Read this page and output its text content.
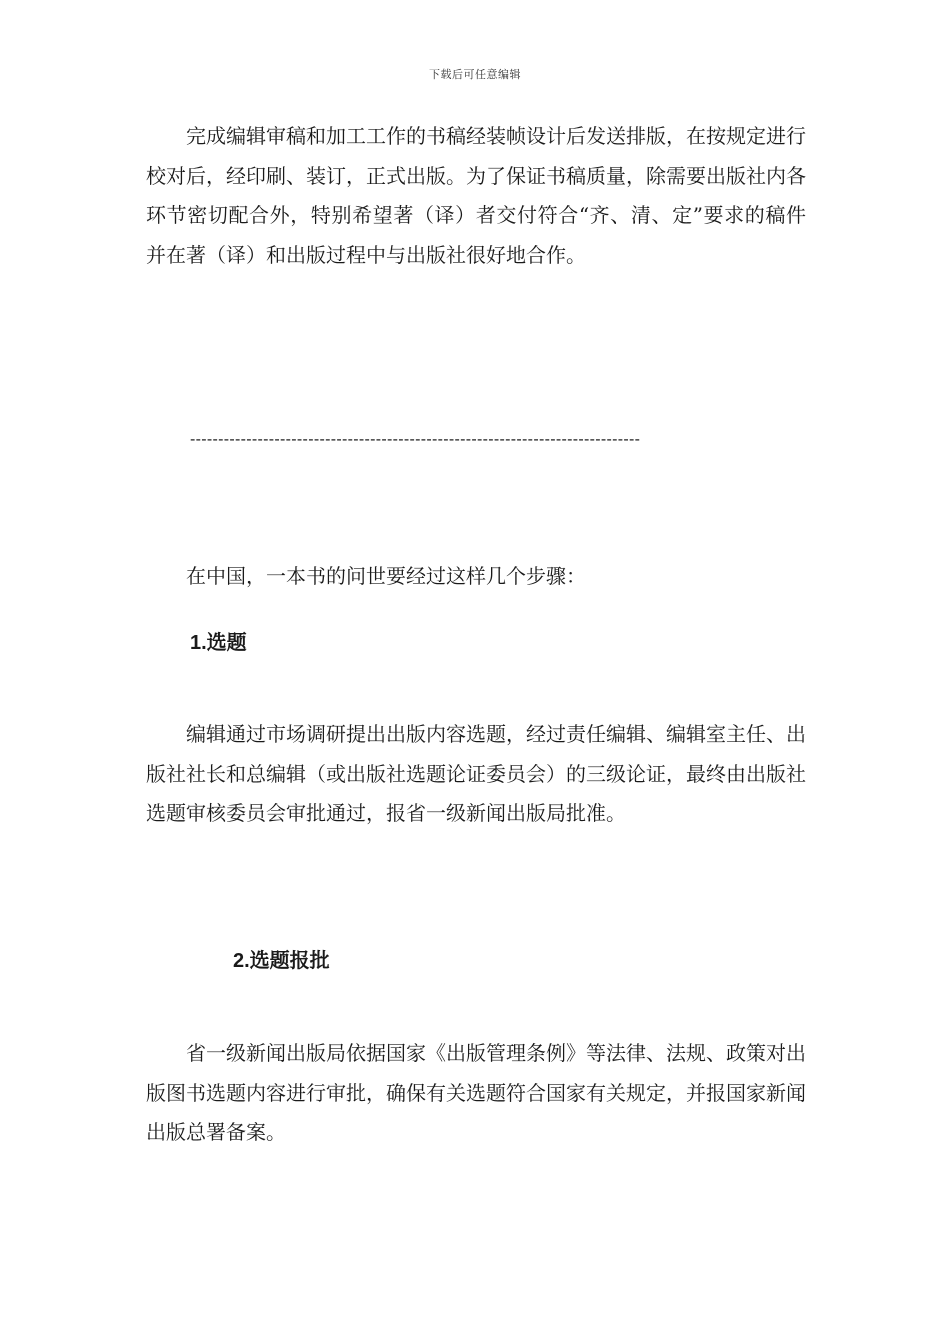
下载后可任意编辑

完成编辑审稿和加工工作的书稿经装帧设计后发送排版，在按规定进行校对后，经印刷、装订，正式出版。为了保证书稿质量，除需要出版社内各环节密切配合外，特别希望著（译）者交付符合“齐、清、定”要求的稿件并在著（译）和出版过程中与出版社很好地合作。

--------------------------------------------------------------------------------

在中国，一本书的问世要经过这样几个步骤：

1.选题

编辑通过市场调研提出出版内容选题，经过责任编辑、编辑室主任、出版社社长和总编辑（或出版社选题论证委员会）的三级论证，最终由出版社选题审核委员会审批通过，报省一级新闻出版局批准。

2.选题报批

省一级新闻出版局依据国家《出版管理条例》等法律、法规、政策对出版图书选题内容进行审批，确保有关选题符合国家有关规定，并报国家新闻出版总署备案。
